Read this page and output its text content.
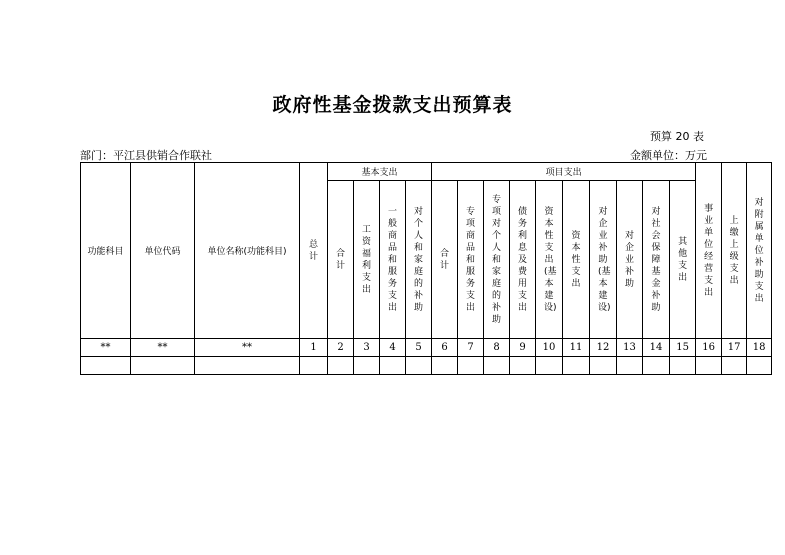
政府性基金拨款支出预算表
预算 20 表
部门：平江县供销合作联社	金额单位：万元
功能科目	单位代码	单位名称(功能科目)	总计	基本支出				项目支出										事业单位经营支出	上缴上级支出	对附属单位补助支出
				合计	工资福利支出	一般商品和服务支出	对个人和家庭的补助	合计	专项商品和服务支出	专项对个人和家庭的补助	债务利息及费用支出	资本性支出(基本建设)	资本性支出	对企业补助(基本建设)	对企业补助	对社会保障基金补助	其他支出			
**	**	**	1	2	3	4	5	6	7	8	9	10	11	12	13	14	15	16	17	18
